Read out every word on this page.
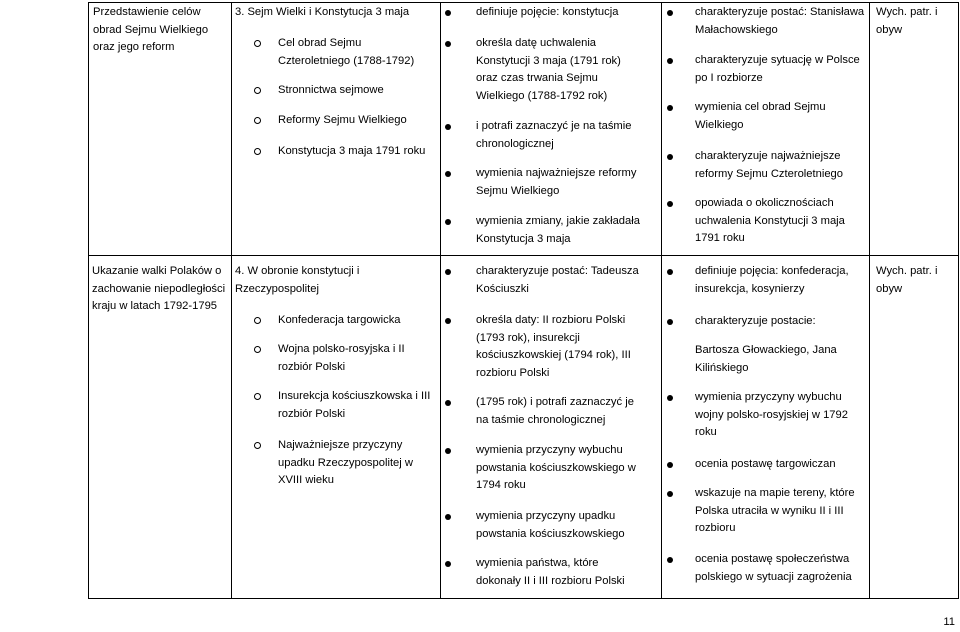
Przedstawienie celów
obrad Sejmu Wielkiego
oraz jego reform
3. Sejm Wielki i Konstytucja 3 maja
Cel obrad Sejmu
Czteroletniego (1788-1792)
Stronnictwa sejmowe
Reformy Sejmu Wielkiego
Konstytucja 3 maja 1791 roku
definiuje pojęcie: konstytucja
określa datę uchwalenia
Konstytucji 3 maja (1791 rok)
oraz czas trwania Sejmu
Wielkiego (1788-1792 rok)
i potrafi zaznaczyć je na taśmie
chronologicznej
wymienia najważniejsze reformy
Sejmu Wielkiego
wymienia zmiany, jakie zakładała
Konstytucja 3 maja
charakteryzuje postać: Stanisława
Małachowskiego
charakteryzuje sytuację w Polsce
po I rozbiorze
wymienia cel obrad Sejmu
Wielkiego
charakteryzuje najważniejsze
reformy Sejmu Czteroletniego
opowiada o okolicznościach
uchwalenia Konstytucji 3 maja
1791 roku
Wych. patr. i
obyw
Ukazanie walki Polaków o
zachowanie niepodległości
kraju w latach 1792-1795
4. W obronie konstytucji i
Rzeczypospolitej
Konfederacja targowicka
Wojna polsko-rosyjska i II
rozbiór Polski
Insurekcja kościuszkowska i III
rozbiór Polski
Najważniejsze przyczyny
upadku Rzeczypospolitej w
XVIII wieku
charakteryzuje postać: Tadeusza
Kościuszki
określa daty: II rozbioru Polski
(1793 rok), insurekcji
kościuszkowskiej (1794 rok), III
rozbioru Polski
(1795 rok) i potrafi zaznaczyć je
na taśmie chronologicznej
wymienia przyczyny wybuchu
powstania kościuszkowskiego w
1794 roku
wymienia przyczyny upadku
powstania kościuszkowskiego
wymienia państwa, które
dokonały II i III rozbioru Polski
definiuje pojęcia: konfederacja,
insurekcja, kosynierzy
charakteryzuje postacie:
Bartosza Głowackiego, Jana
Kilińskiego
wymienia przyczyny wybuchu
wojny polsko-rosyjskiej w 1792
roku
ocenia postawę targowiczan
wskazuje na mapie tereny, które
Polska utraciła w wyniku II i III
rozbioru
ocenia postawę społeczeństwa
polskiego w sytuacji zagrożenia
Wych. patr. i
obyw
11
